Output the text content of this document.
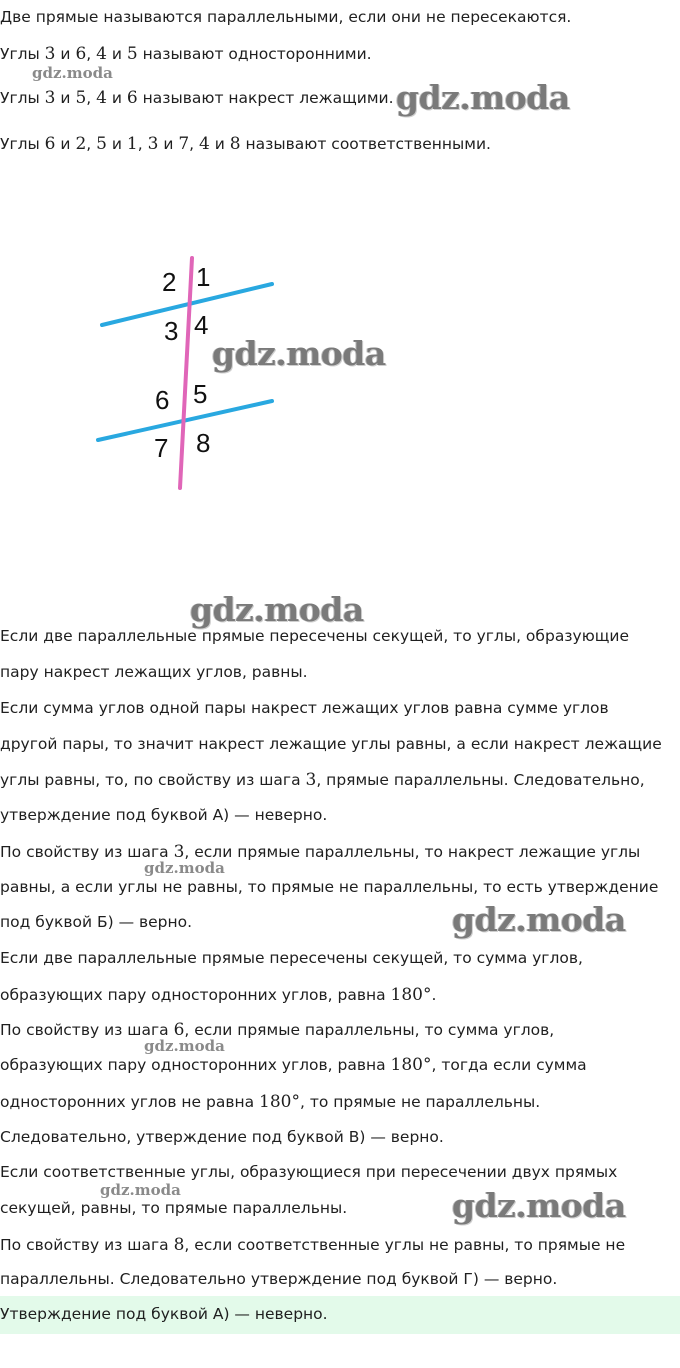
Две прямые называются параллельными, если они не пересекаются.
Углы 3 и 6, 4 и 5 называют односторонними.
Углы 3 и 5, 4 и 6 называют накрест лежащими.
Углы 6 и 2, 5 и 1, 3 и 7, 4 и 8 называют соответственными.
gdz.moda
gdz.moda
gdz.moda
gdz.moda
gdz.moda
gdz.moda
gdz.moda
gdz.moda	gdz.moda
1
2
3 4
5
6
7 8
Если две параллельные прямые пересечены секущей, то углы, образующие
пару накрест лежащих углов, равны.
Если сумма углов одной пары накрест лежащих углов равна сумме углов
другой пары, то значит накрест лежащие углы равны, а если накрест лежащие
углы равны, то, по свойству из шага 3, прямые параллельны. Следовательно,
утверждение под буквой А) — неверно.
По свойству из шага 3, если прямые параллельны, то накрест лежащие углы
равны, а если углы не равны, то прямые не параллельны, то есть утверждение
под буквой Б) — верно.
Если две параллельные прямые пересечены секущей, то сумма углов,
образующих пару односторонних углов, равна 180°.
По свойству из шага 6, если прямые параллельны, то сумма углов,
образующих пару односторонних углов, равна 180°, тогда если сумма
односторонних углов не равна 180°, то прямые не параллельны.
Следовательно, утверждение под буквой В) — верно.
Если соответственные углы, образующиеся при пересечении двух прямых
секущей, равны, то прямые параллельны.
По свойству из шага 8, если соответственные углы не равны, то прямые не
параллельны. Следовательно утверждение под буквой Г) — верно.
Утверждение под буквой А) — неверно.
